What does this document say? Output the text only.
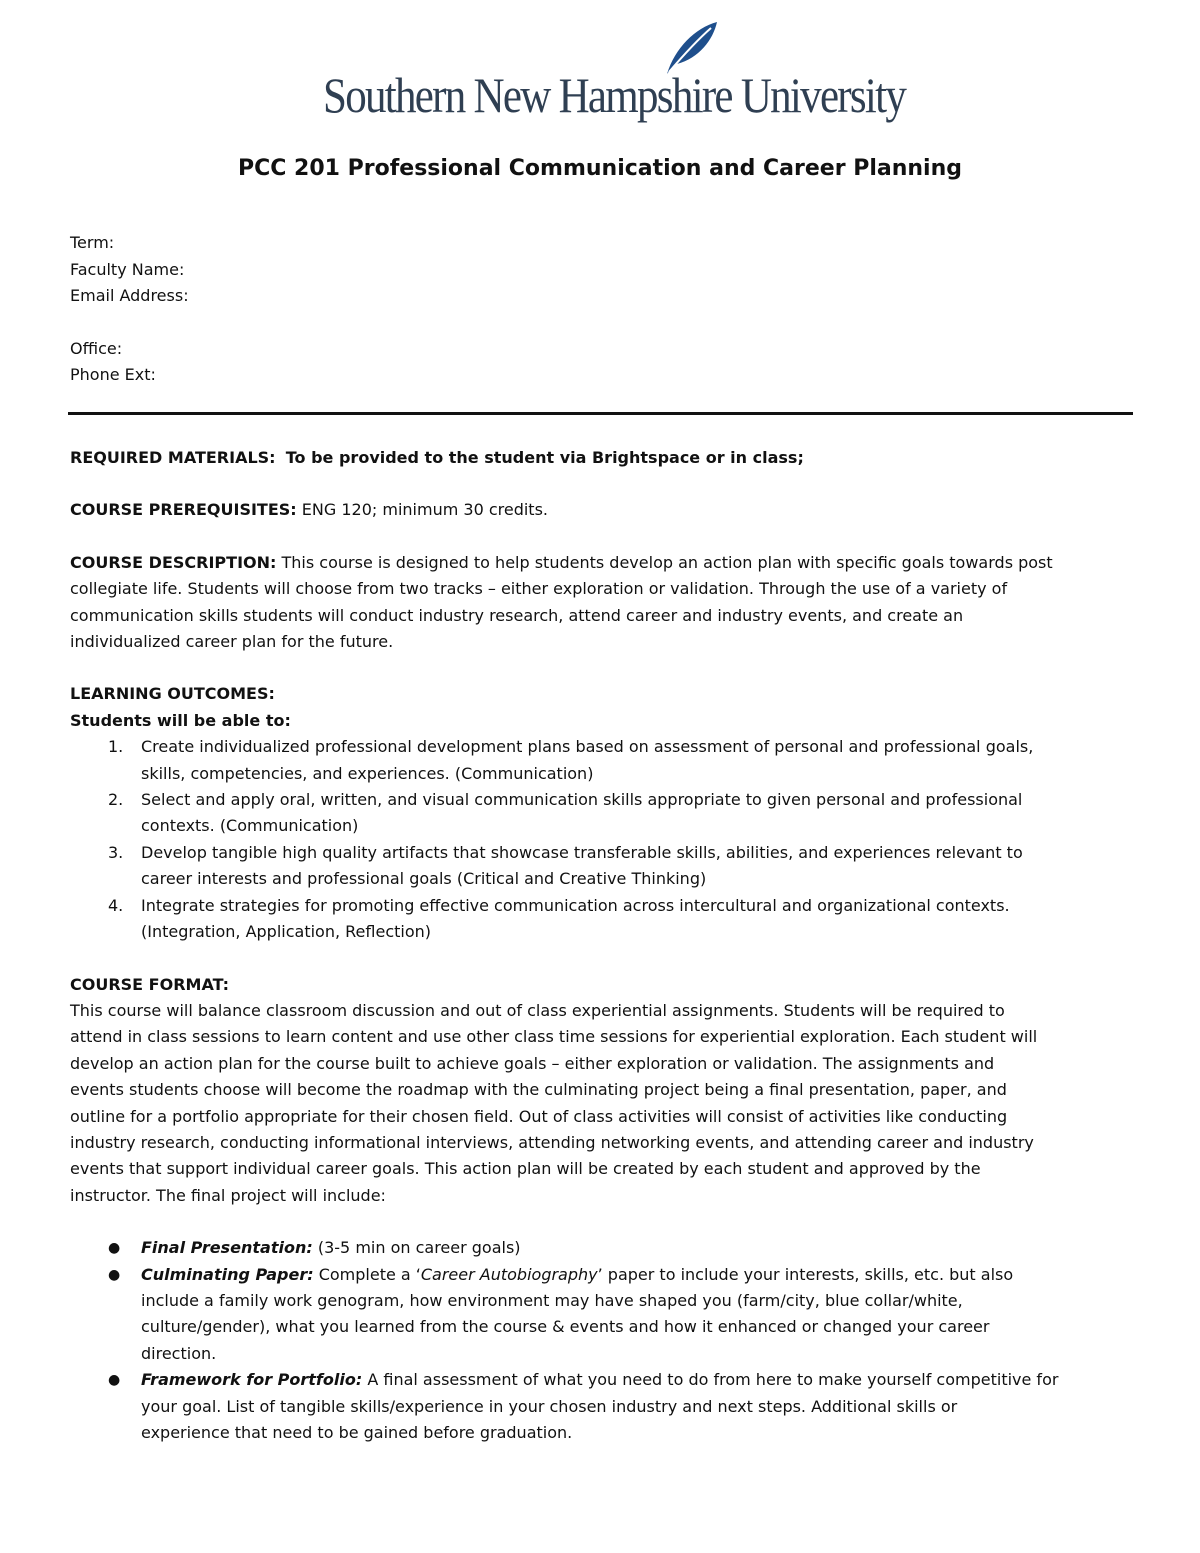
Southern New Hampshire University
PCC 201 Professional Communication and Career Planning
Term:
Faculty Name:
Email Address:
Office:
Phone Ext:

REQUIRED MATERIALS: To be provided to the student via Brightspace or in class;

COURSE PREREQUISITES: ENG 120; minimum 30 credits.

COURSE DESCRIPTION: This course is designed to help students develop an action plan with specific goals towards post
collegiate life. Students will choose from two tracks – either exploration or validation. Through the use of a variety of
communication skills students will conduct industry research, attend career and industry events, and create an
individualized career plan for the future.
LEARNING OUTCOMES:
Students will be able to:
1. Create individualized professional development plans based on assessment of personal and professional goals,
skills, competencies, and experiences. (Communication)
2. Select and apply oral, written, and visual communication skills appropriate to given personal and professional
contexts. (Communication)
3. Develop tangible high quality artifacts that showcase transferable skills, abilities, and experiences relevant to
career interests and professional goals (Critical and Creative Thinking)
4. Integrate strategies for promoting effective communication across intercultural and organizational contexts.
(Integration, Application, Reflection)
COURSE FORMAT:
This course will balance classroom discussion and out of class experiential assignments. Students will be required to
attend in class sessions to learn content and use other class time sessions for experiential exploration. Each student will
develop an action plan for the course built to achieve goals – either exploration or validation. The assignments and
events students choose will become the roadmap with the culminating project being a final presentation, paper, and
outline for a portfolio appropriate for their chosen field. Out of class activities will consist of activities like conducting
industry research, conducting informational interviews, attending networking events, and attending career and industry
events that support individual career goals. This action plan will be created by each student and approved by the
instructor. The final project will include:
● Final Presentation: (3-5 min on career goals)
● Culminating Paper: Complete a ‘Career Autobiography’ paper to include your interests, skills, etc. but also
include a family work genogram, how environment may have shaped you (farm/city, blue collar/white,
culture/gender), what you learned from the course & events and how it enhanced or changed your career
direction.
● Framework for Portfolio: A final assessment of what you need to do from here to make yourself competitive for
your goal. List of tangible skills/experience in your chosen industry and next steps. Additional skills or
experience that need to be gained before graduation.
